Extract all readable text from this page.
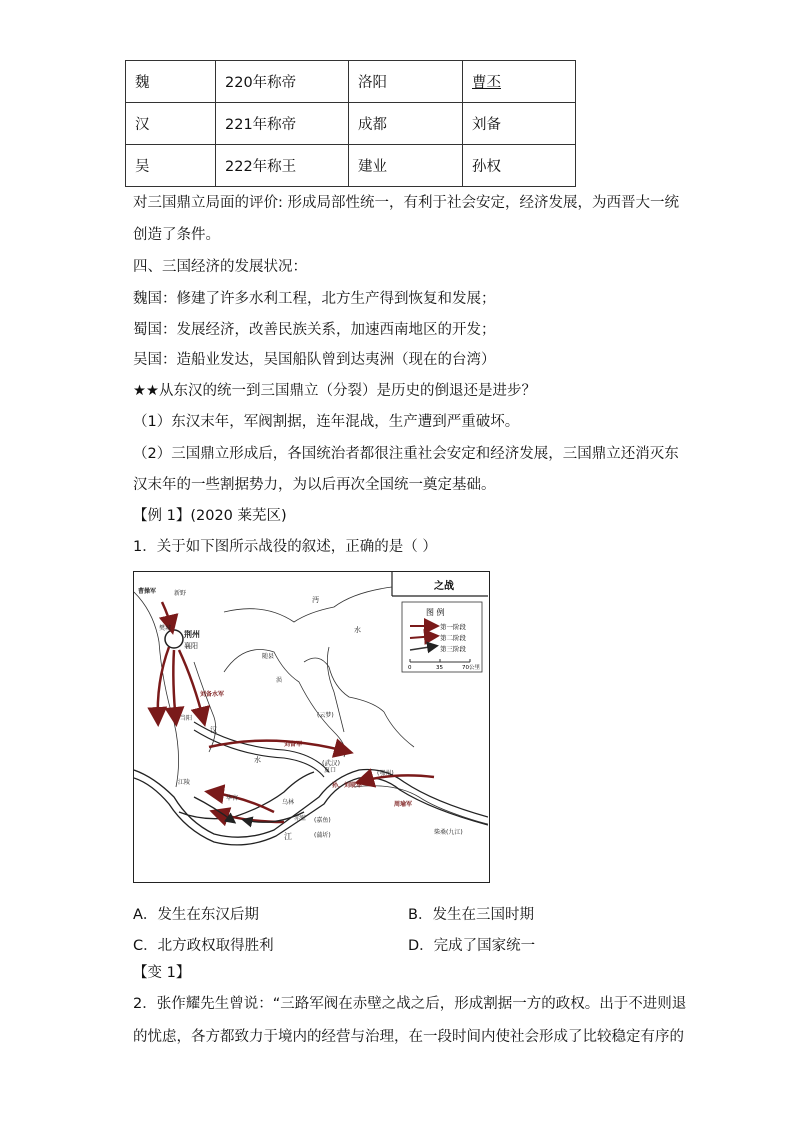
魏	220年称帝	洛阳	曹丕
汉	221年称帝	成都	刘备
吴	222年称王	建业	孙权

对三国鼎立局面的评价: 形成局部性统一，有利于社会安定，经济发展，为西晋大一统

创造了条件。

四、三国经济的发展状况：

魏国：修建了许多水利工程，北方生产得到恢复和发展；

蜀国：发展经济，改善民族关系，加速西南地区的开发；

吴国：造船业发达，吴国船队曾到达夷洲（现在的台湾）

★★从东汉的统一到三国鼎立（分裂）是历史的倒退还是进步？

（1）东汉末年，军阀割据，连年混战，生产遭到严重破坏。

（2）三国鼎立形成后，各国统治者都很注重社会安定和经济发展，三国鼎立还消灭东

汉末年的一些割据势力，为以后再次全国统一奠定基础。

【例 1】(2020 莱芜区)

1．关于如下图所示战役的叙述，正确的是（ ）

之战
图 例
第一阶段
第二阶段
第三阶段
0	35	70公里
曹操军	新野
樊城
荆州
襄阳
刘备水军
刘备军
孙、刘联军
周瑜军
汉
水
水
江
江陵
当阳
华容
乌林
赤壁
(蒲圻)
(嘉鱼)
(云梦)
(武汉)
夏口	(鄂州)
柴桑(九江)
随县
涢
沔
A．发生在东汉后期	B．发生在三国时期
C．北方政权取得胜利	D．完成了国家统一

【变 1】

2．张作耀先生曾说：“三路军阀在赤壁之战之后，形成割据一方的政权。出于不进则退

的忧虑，各方都致力于境内的经营与治理，在一段时间内使社会形成了比较稳定有序的
